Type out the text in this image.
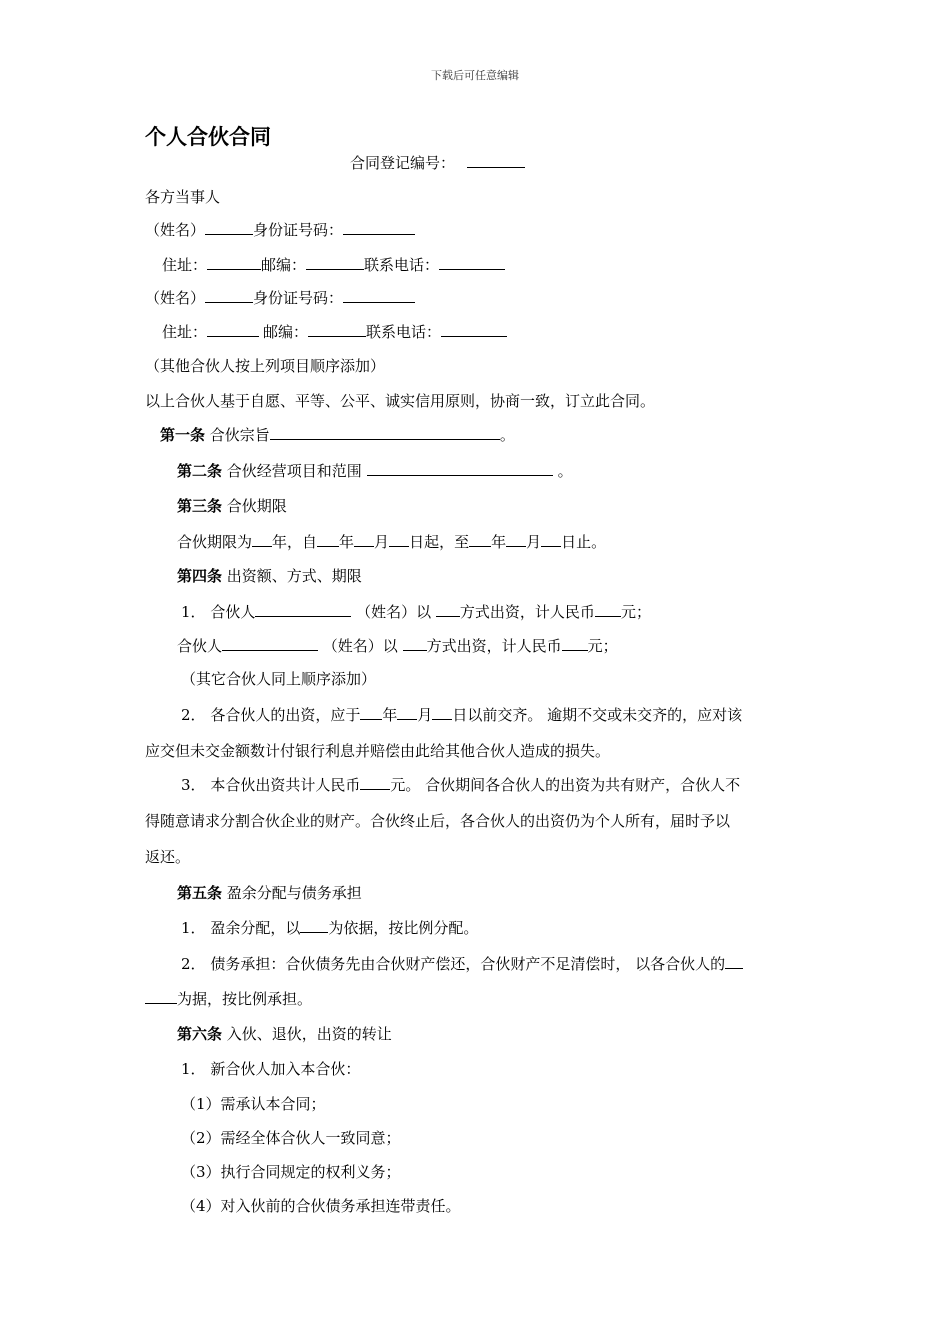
下载后可任意编辑
个人合伙合同
合同登记编号：
各方当事人
（姓名）	身份证号码：
住址：	邮编：	联系电话：
（姓名）	身份证号码：
住址：	邮编：	联系电话：
（其他合伙人按上列项目顺序添加）
以上合伙人基于自愿、平等、公平、诚实信用原则，协商一致，订立此合同。
第一条 合伙宗旨	。
第二条 合伙经营项目和范围	。
第三条 合伙期限
合伙期限为 年，自 年 月 日起，至 年 月 日止。
第四条 出资额、方式、期限
1． 合伙人	（姓名）以 方式出资，计人民币 元；
合伙人	（姓名）以 方式出资，计人民币 元；
（其它合伙人同上顺序添加）
2． 各合伙人的出资，应于 年 月 日以前交齐。 逾期不交或未交齐的，应对该
应交但未交金额数计付银行利息并赔偿由此给其他合伙人造成的损失。
3． 本合伙出资共计人民币 元。 合伙期间各合伙人的出资为共有财产，合伙人不
得随意请求分割合伙企业的财产。合伙终止后，各合伙人的出资仍为个人所有，届时予以
返还。
第五条 盈余分配与债务承担
1． 盈余分配，以 为依据，按比例分配。
2． 债务承担：合伙债务先由合伙财产偿还，合伙财产不足清偿时， 以各合伙人的
为据，按比例承担。
第六条 入伙、退伙，出资的转让
1． 新合伙人加入本合伙：
（1）需承认本合同；
（2）需经全体合伙人一致同意；
（3）执行合同规定的权利义务；
（4）对入伙前的合伙债务承担连带责任。
